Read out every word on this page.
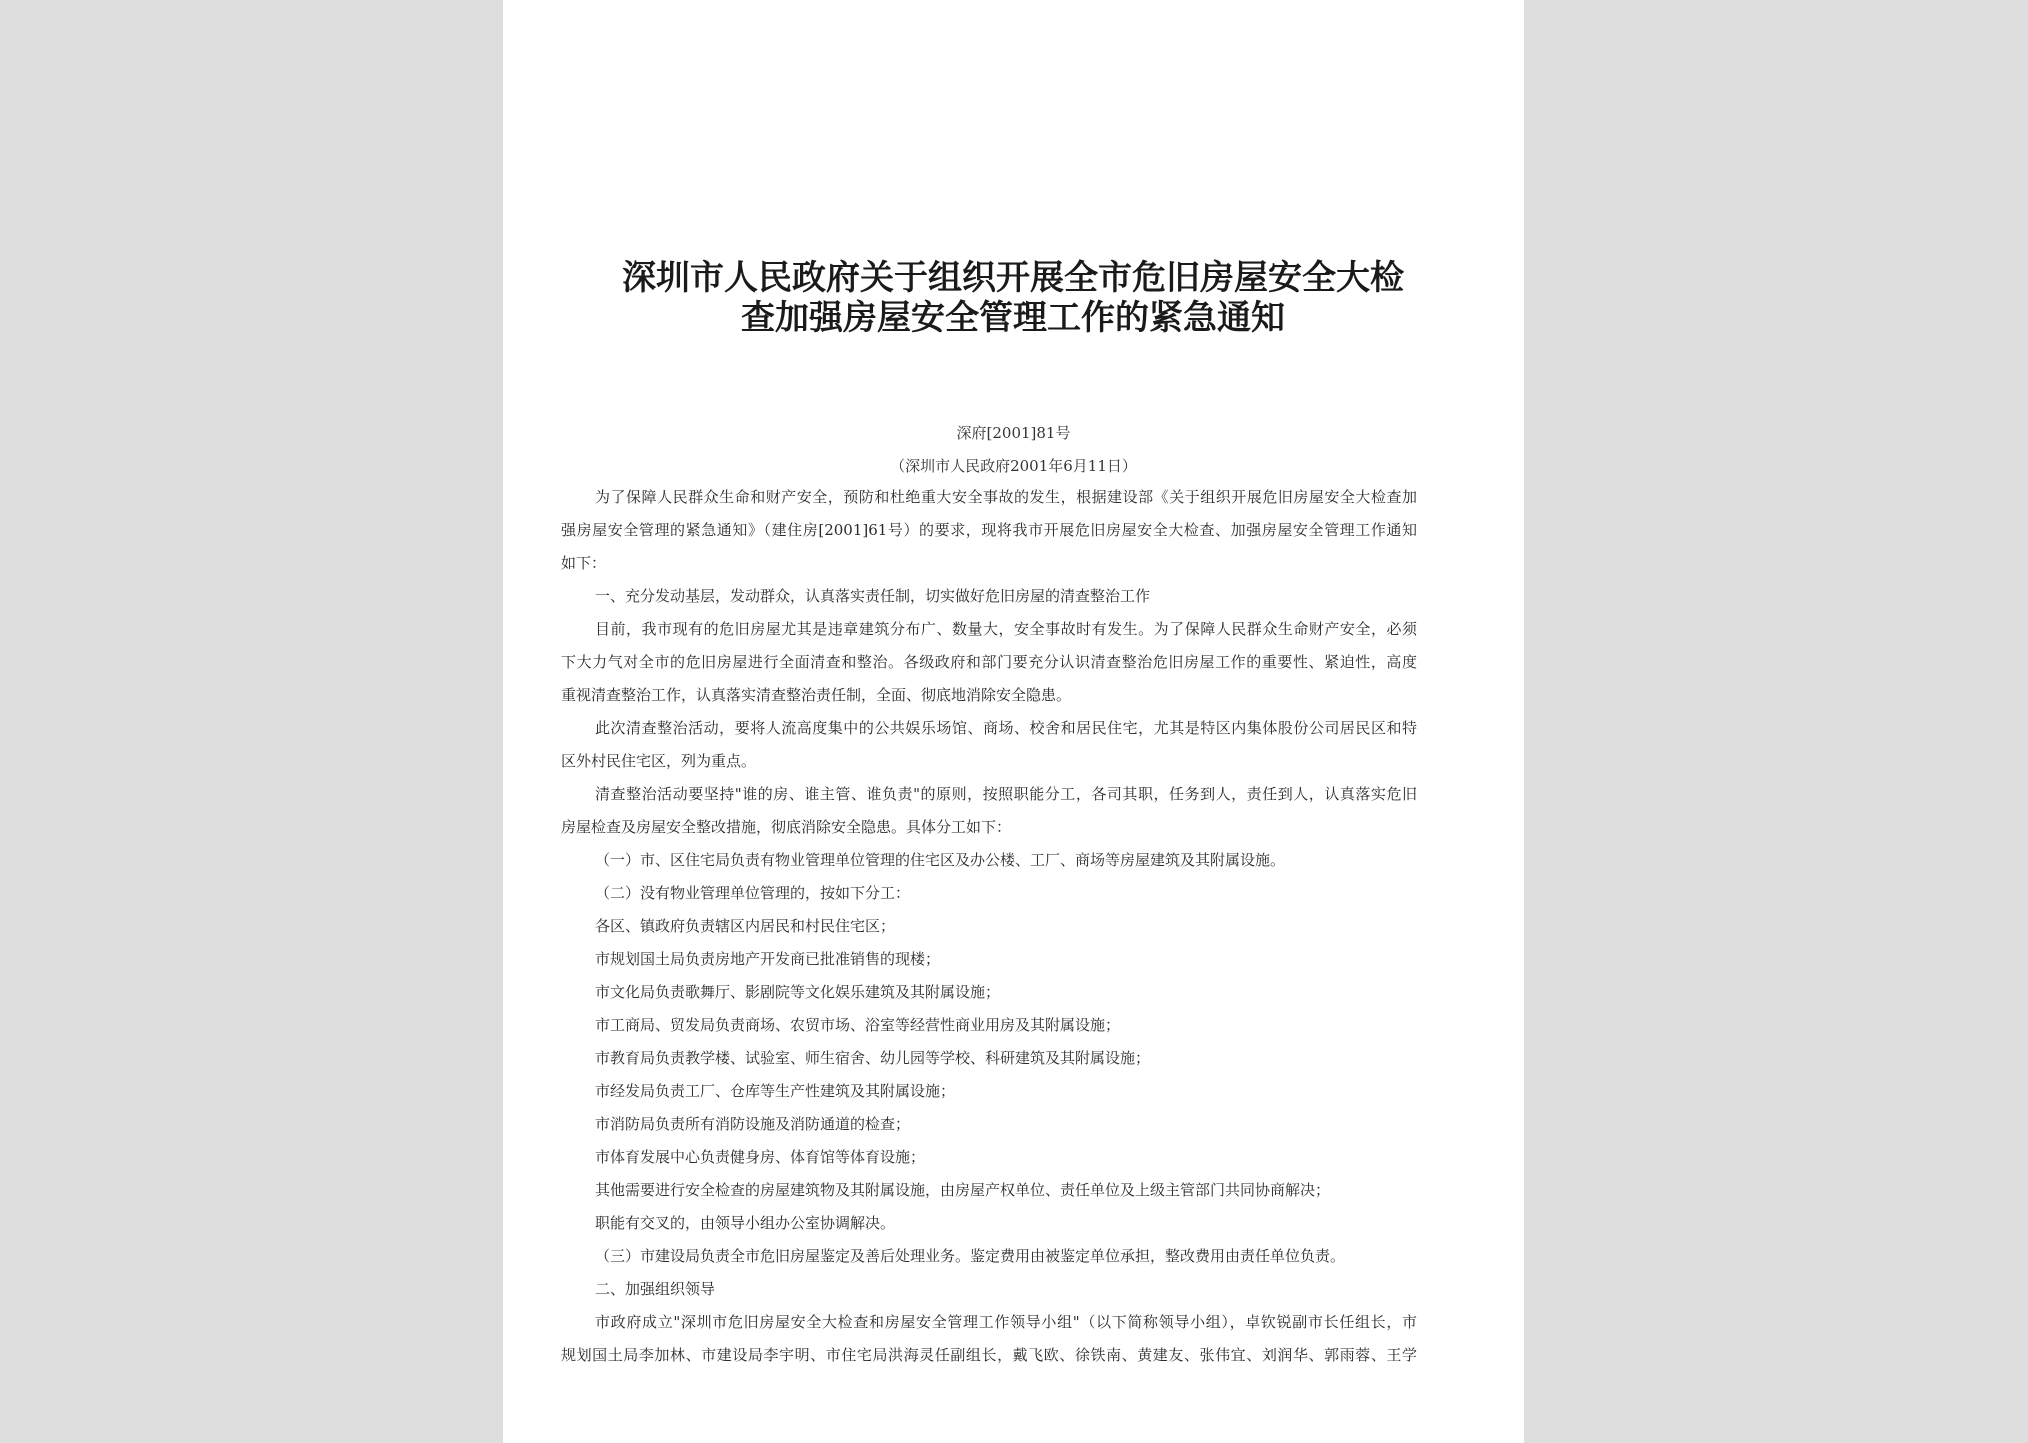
深圳市人民政府关于组织开展全市危旧房屋安全大检
查加强房屋安全管理工作的紧急通知
深府[2001]81号
（深圳市人民政府2001年6月11日）
为了保障人民群众生命和财产安全，预防和杜绝重大安全事故的发生，根据建设部《关于组织开展危旧房屋安全大检查加
强房屋安全管理的紧急通知》（建住房[2001]61号）的要求，现将我市开展危旧房屋安全大检查、加强房屋安全管理工作通知
如下：
一、充分发动基层，发动群众，认真落实责任制，切实做好危旧房屋的清查整治工作
目前，我市现有的危旧房屋尤其是违章建筑分布广、数量大，安全事故时有发生。为了保障人民群众生命财产安全，必须
下大力气对全市的危旧房屋进行全面清查和整治。各级政府和部门要充分认识清查整治危旧房屋工作的重要性、紧迫性，高度
重视清查整治工作，认真落实清查整治责任制，全面、彻底地消除安全隐患。
此次清查整治活动，要将人流高度集中的公共娱乐场馆、商场、校舍和居民住宅，尤其是特区内集体股份公司居民区和特
区外村民住宅区，列为重点。
清查整治活动要坚持"谁的房、谁主管、谁负责"的原则，按照职能分工，各司其职，任务到人，责任到人，认真落实危旧
房屋检查及房屋安全整改措施，彻底消除安全隐患。具体分工如下：
（一）市、区住宅局负责有物业管理单位管理的住宅区及办公楼、工厂、商场等房屋建筑及其附属设施。
（二）没有物业管理单位管理的，按如下分工：
各区、镇政府负责辖区内居民和村民住宅区；
市规划国土局负责房地产开发商已批准销售的现楼；
市文化局负责歌舞厅、影剧院等文化娱乐建筑及其附属设施；
市工商局、贸发局负责商场、农贸市场、浴室等经营性商业用房及其附属设施；
市教育局负责教学楼、试验室、师生宿舍、幼儿园等学校、科研建筑及其附属设施；
市经发局负责工厂、仓库等生产性建筑及其附属设施；
市消防局负责所有消防设施及消防通道的检查；
市体育发展中心负责健身房、体育馆等体育设施；
其他需要进行安全检查的房屋建筑物及其附属设施，由房屋产权单位、责任单位及上级主管部门共同协商解决；
职能有交叉的，由领导小组办公室协调解决。
（三）市建设局负责全市危旧房屋鉴定及善后处理业务。鉴定费用由被鉴定单位承担，整改费用由责任单位负责。
二、加强组织领导
市政府成立"深圳市危旧房屋安全大检查和房屋安全管理工作领导小组"（以下简称领导小组），卓钦锐副市长任组长，市
规划国土局李加林、市建设局李宇明、市住宅局洪海灵任副组长，戴飞欧、徐铁南、黄建友、张伟宜、刘润华、郭雨蓉、王学
